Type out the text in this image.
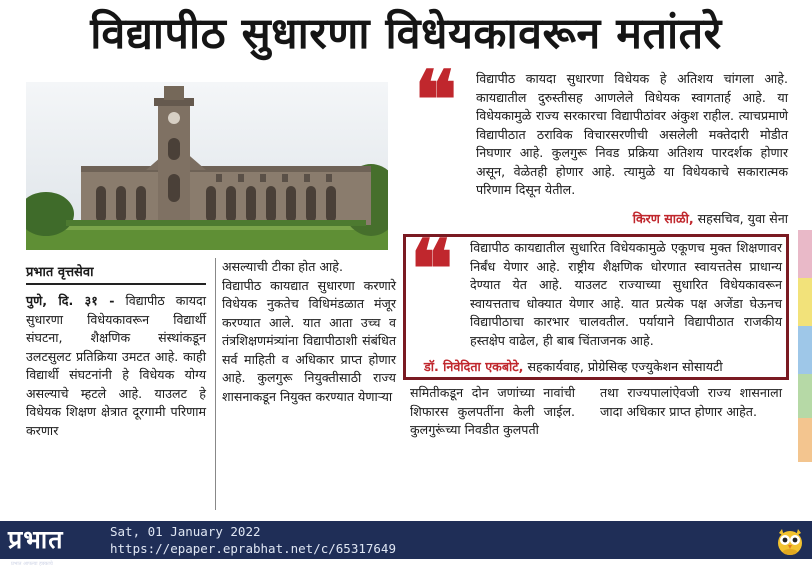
विद्यापीठ सुधारणा विधेयकावरून मतांतरे
प्रभात वृत्तसेवा

पुणे, दि. ३१ - विद्यापीठ कायदा सुधारणा विधेयकावरून विद्यार्थी संघटना, शैक्षणिक संस्थांकडून उलटसुलट प्रतिक्रिया उमटत आहे. काही विद्यार्थी संघटनांनी हे विधेयक योग्य असल्याचे म्हटले आहे. याउलट हे विधेयक शिक्षण क्षेत्रात दूरगामी परिणाम करणार

असल्याची टीका होत आहे.
विद्यापीठ कायद्यात सुधारणा करणारे विधेयक नुकतेच विधिमंडळात मंजूर करण्यात आले. यात आता उच्च व तंत्रशिक्षणमंत्र्यांना विद्यापीठाशी संबंधित सर्व माहिती व अधिकार प्राप्त होणार आहे. कुलगुरू नियुक्तीसाठी राज्य शासनाकडून नियुक्त करण्यात येणाऱ्या	समितीकडून दोन जणांच्या नावांची शिफारस कुलपतींना केली जाईल. कुलगुरूंच्या निवडीत कुलपती
तथा राज्यपालांऐवजी राज्य शासनाला जादा अधिकार प्राप्त होणार आहेत.
❝ विद्यापीठ कायदा सुधारणा विधेयक हे अतिशय चांगला आहे. कायद्यातील दुरुस्तीसह आणलेले विधेयक स्वागतार्ह आहे. या विधेयकामुळे राज्य सरकारचा विद्यापीठांवर अंकुश राहील. त्याचप्रमाणे विद्यापीठात ठराविक विचारसरणीची असलेली मक्तेदारी मोडीत निघणार आहे. कुलगुरू निवड प्रक्रिया अतिशय पारदर्शक होणार असून, वेळेतही होणार आहे. त्यामुळे या विधेयकाचे सकारात्मक परिणाम दिसून येतील.
किरण साळी, सहसचिव, युवा सेना
❝ विद्यापीठ कायद्यातील सुधारित विधेयकामुळे एकूणच मुक्त शिक्षणावर निर्बंध येणार आहे. राष्ट्रीय शैक्षणिक धोरणात स्वायत्ततेस प्राधान्य देण्यात येत आहे. याउलट राज्याच्या सुधारित विधेयकावरून स्वायत्तताच धोक्यात येणार आहे. यात प्रत्येक पक्ष अजेंडा घेऊनच विद्यापीठाचा कारभार चालवतील. पर्यायाने विद्यापीठात राजकीय हस्तक्षेप वाढेल, ही बाब चिंताजनक आहे.
डॉ. निवेदिता एकबोटे, सहकार्यवाह, प्रोग्रेसिव्ह एज्युकेशन सोसायटी
प्रभात
प्रभात आपल्या हक्काचे
Sat, 01 January 2022
https://epaper.eprabhat.net/c/65317649
